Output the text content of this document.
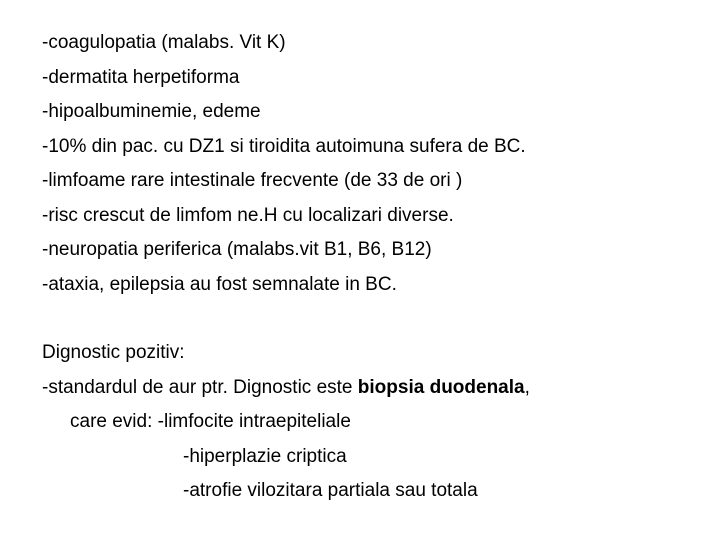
-coagulopatia (malabs. Vit K)
-dermatita herpetiforma
-hipoalbuminemie, edeme
-10% din pac. cu DZ1 si tiroidita autoimuna sufera de BC.
-limfoame rare intestinale frecvente (de 33 de ori )
-risc crescut de limfom ne.H cu localizari diverse.
-neuropatia periferica (malabs.vit B1, B6, B12)
-ataxia, epilepsia au fost semnalate in BC.
Dignostic pozitiv:
-standardul de aur ptr. Dignostic este biopsia duodenala,
care evid: -limfocite intraepiteliale
-hiperplazie criptica
-atrofie vilozitara partiala sau totala
